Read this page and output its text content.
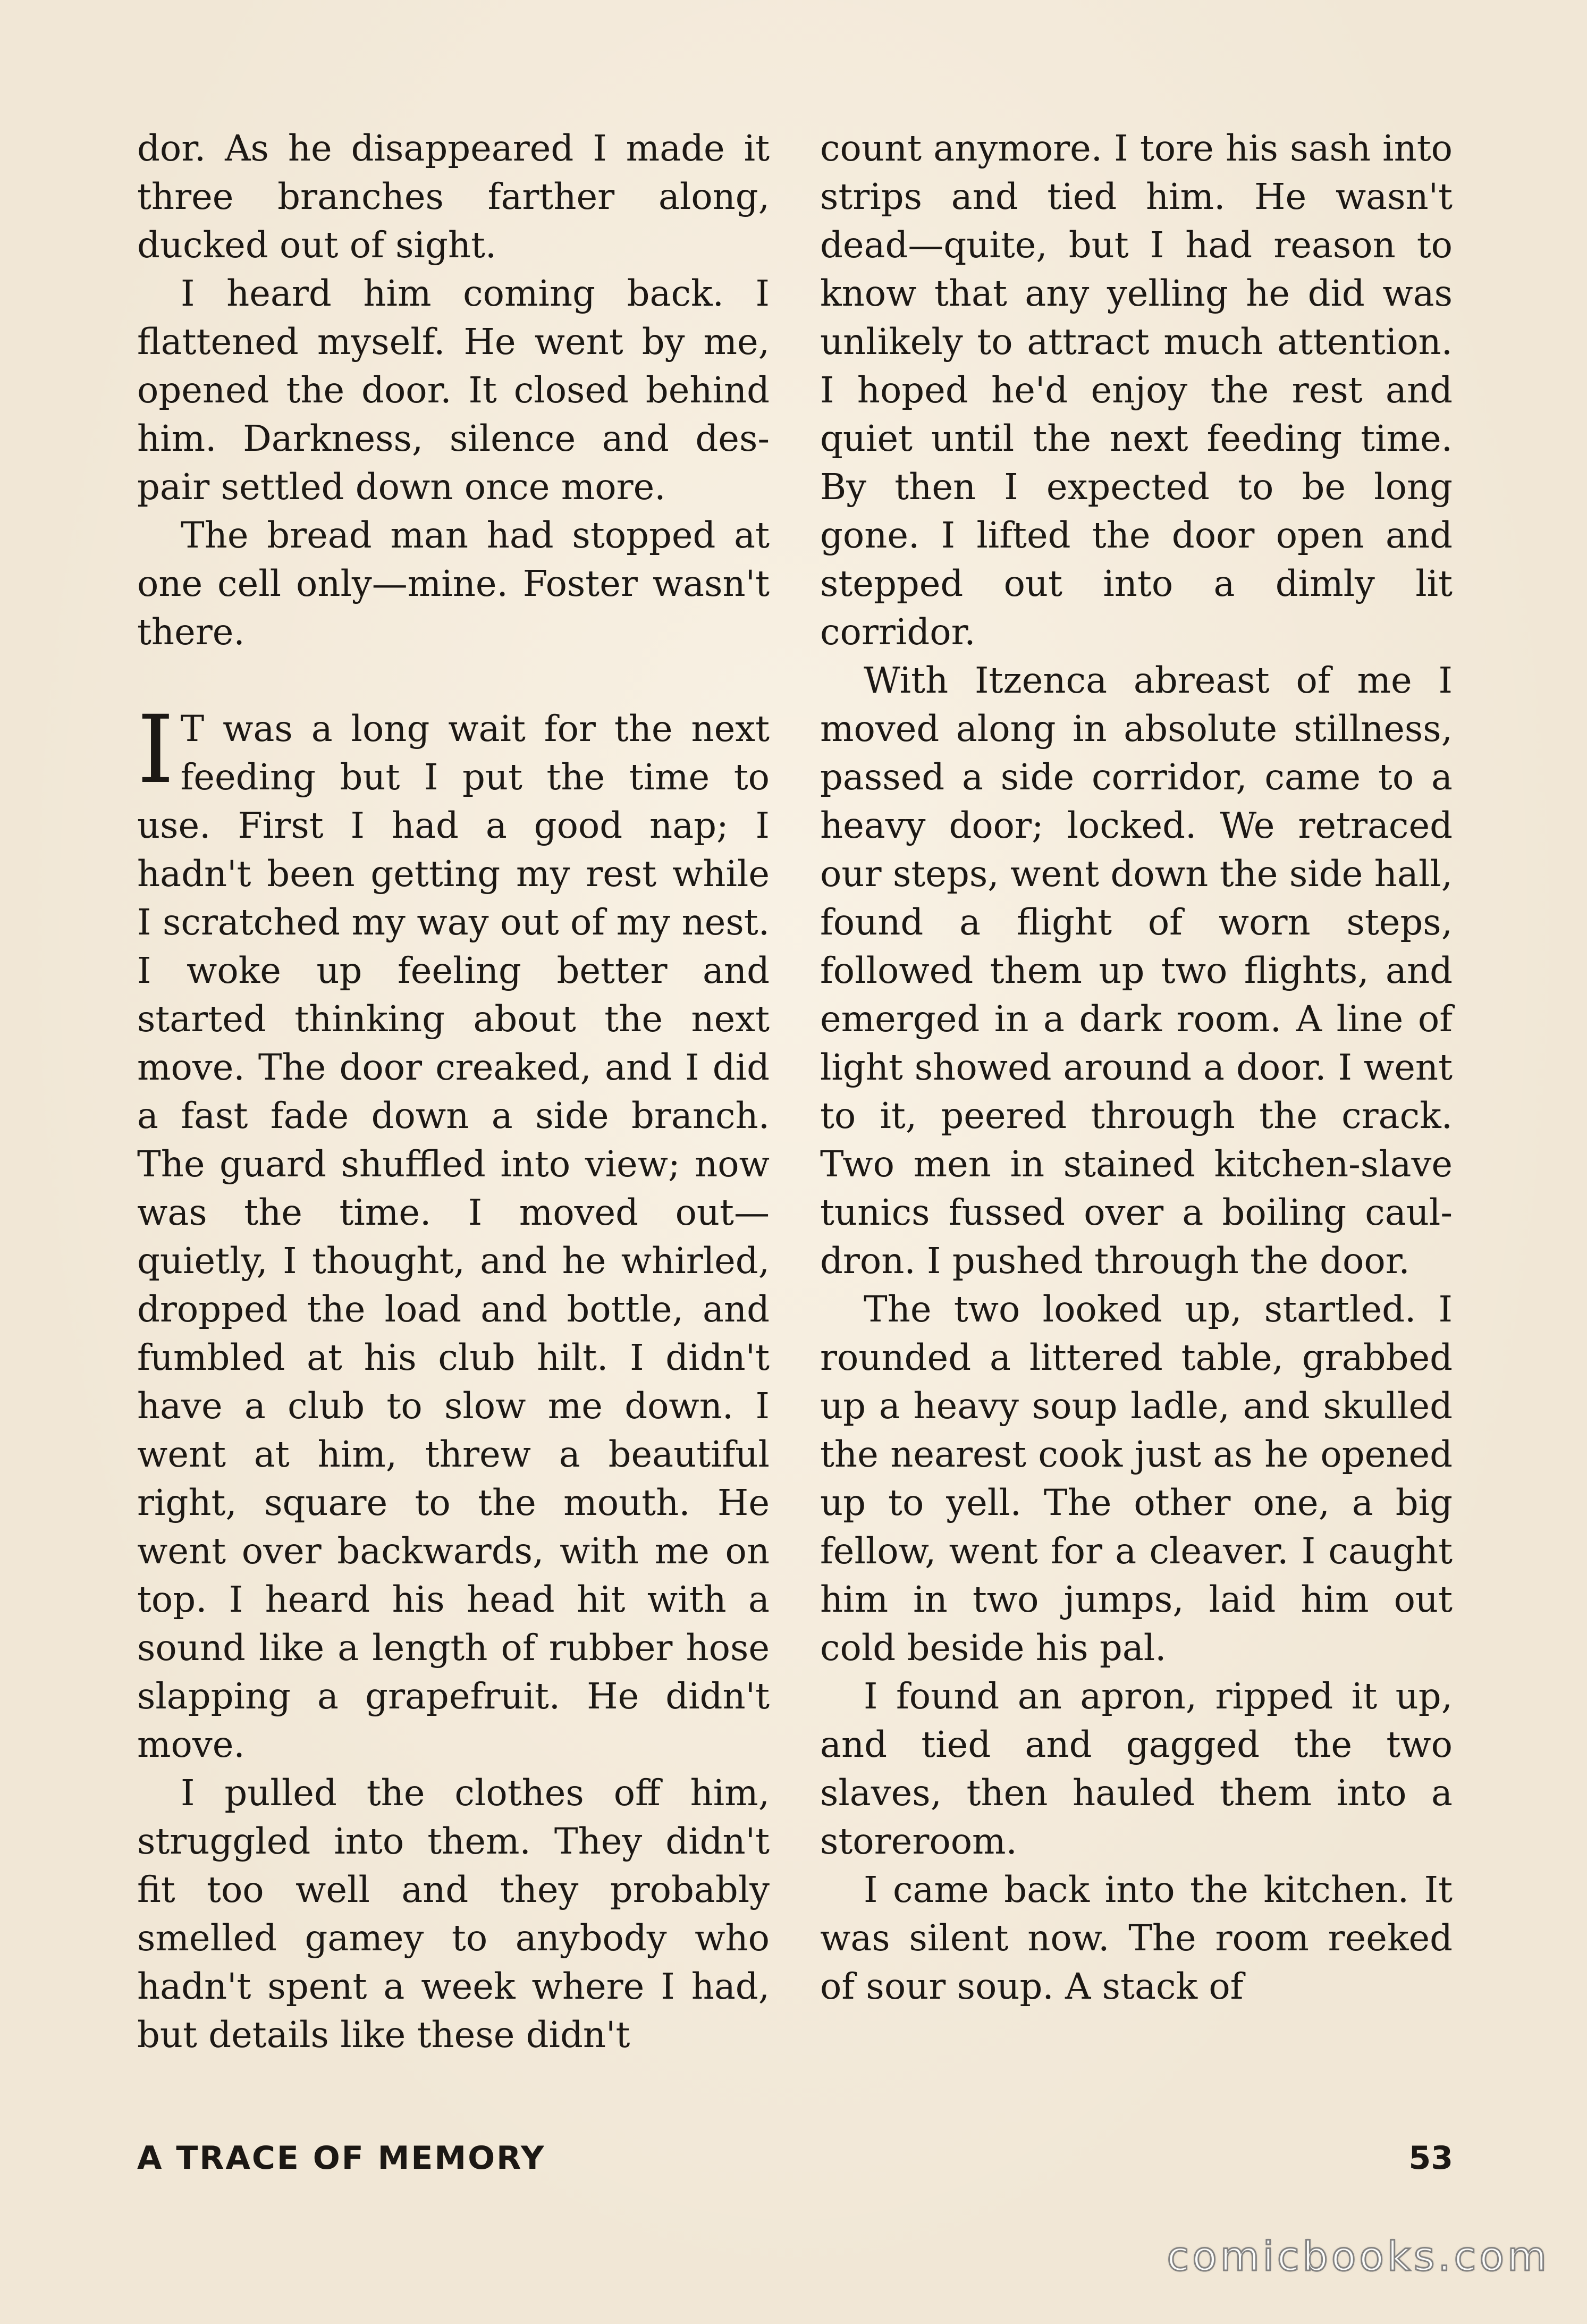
dor. As he disappeared I made it three branches farther along, ducked out of sight.

I heard him coming back. I flattened myself. He went by me, opened the door. It closed behind him. Darkness, silence and despair settled down once more.

The bread man had stopped at one cell only—mine. Foster wasn't there.

I T was a long wait for the next feeding but I put the time to use. First I had a good nap; I hadn't been getting my rest while I scratched my way out of my nest. I woke up feeling better and started thinking about the next move. The door creaked, and I did a fast fade down a side branch. The guard shuffled into view; now was the time. I moved out—quietly, I thought, and he whirled, dropped the load and bottle, and fumbled at his club hilt. I didn't have a club to slow me down. I went at him, threw a beautiful right, square to the mouth. He went over backwards, with me on top. I heard his head hit with a sound like a length of rubber hose slapping a grapefruit. He didn't move.

I pulled the clothes off him, struggled into them. They didn't fit too well and they probably smelled gamey to anybody who hadn't spent a week where I had, but details like these didn't

count anymore. I tore his sash into strips and tied him. He wasn't dead—quite, but I had reason to know that any yelling he did was unlikely to attract much attention. I hoped he'd enjoy the rest and quiet until the next feeding time. By then I expected to be long gone. I lifted the door open and stepped out into a dimly lit corridor.

With Itzenca abreast of me I moved along in absolute stillness, passed a side corridor, came to a heavy door; locked. We retraced our steps, went down the side hall, found a flight of worn steps, followed them up two flights, and emerged in a dark room. A line of light showed around a door. I went to it, peered through the crack. Two men in stained kitchen-slave tunics fussed over a boiling cauldron. I pushed through the door.

The two looked up, startled. I rounded a littered table, grabbed up a heavy soup ladle, and skulled the nearest cook just as he opened up to yell. The other one, a big fellow, went for a cleaver. I caught him in two jumps, laid him out cold beside his pal.

I found an apron, ripped it up, and tied and gagged the two slaves, then hauled them into a storeroom.

I came back into the kitchen. It was silent now. The room reeked of sour soup. A stack of

A TRACE OF MEMORY	53
comicbooks.com
